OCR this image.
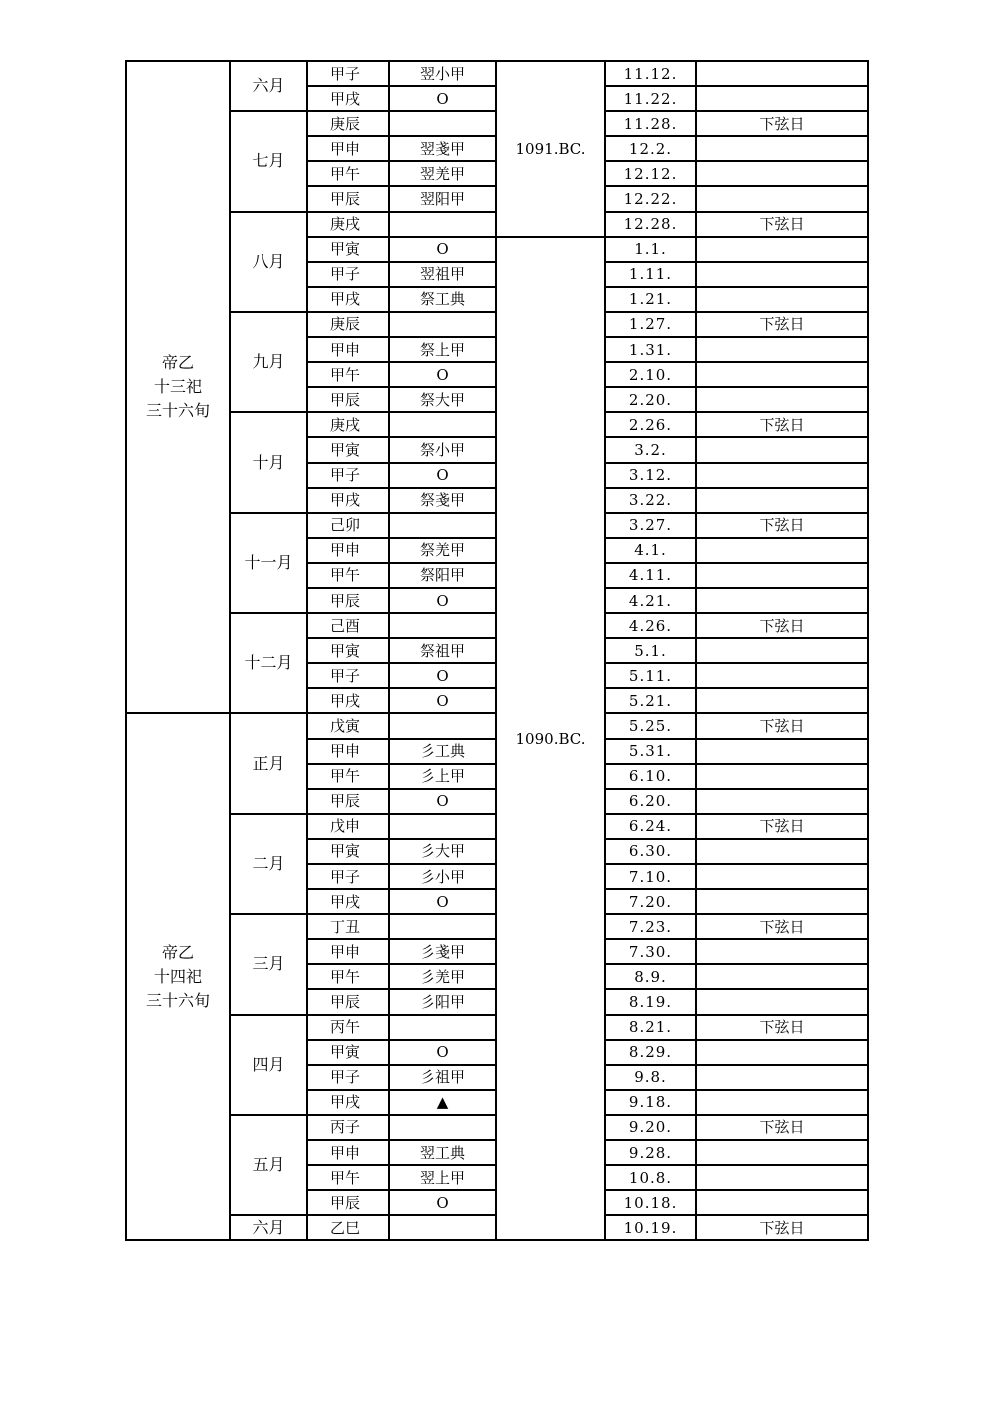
帝乙
十三祀
三十六旬	六月	甲子	翌小甲	1091.BC.	11.12.	
		甲戌	O		11.22.	
	七月	庚辰			11.28.	下弦日
		甲申	翌戔甲		12.2.	
		甲午	翌羌甲		12.12.	
		甲辰	翌阳甲		12.22.	
	八月	庚戌			12.28.	下弦日
		甲寅	O	1090.BC.	1.1.	
		甲子	翌祖甲		1.11.	
		甲戌	祭工典		1.21.	
	九月	庚辰			1.27.	下弦日
		甲申	祭上甲		1.31.	
		甲午	O		2.10.	
		甲辰	祭大甲		2.20.	
	十月	庚戌			2.26.	下弦日
		甲寅	祭小甲		3.2.	
		甲子	O		3.12.	
		甲戌	祭戔甲		3.22.	
	十一月	己卯			3.27.	下弦日
		甲申	祭羌甲		4.1.	
		甲午	祭阳甲		4.11.	
		甲辰	O		4.21.	
	十二月	己酉			4.26.	下弦日
		甲寅	祭祖甲		5.1.	
		甲子	O		5.11.	
		甲戌	O		5.21.	

帝乙
十四祀
三十六旬	正月	戊寅			5.25.	下弦日
		甲申	彡工典		5.31.	
		甲午	彡上甲		6.10.	
		甲辰	O		6.20.	
	二月	戊申			6.24.	下弦日
		甲寅	彡大甲		6.30.	
		甲子	彡小甲		7.10.	
		甲戌	O		7.20.	
	三月	丁丑			7.23.	下弦日
		甲申	彡戔甲		7.30.	
		甲午	彡羌甲		8.9.	
		甲辰	彡阳甲		8.19.	
	四月	丙午			8.21.	下弦日
		甲寅	O		8.29.	
		甲子	彡祖甲		9.8.	
		甲戌	▲		9.18.	
	五月	丙子			9.20.	下弦日
		甲申	翌工典		9.28.	
		甲午	翌上甲		10.8.	
		甲辰	O		10.18.	
	六月	乙巳			10.19.	下弦日
